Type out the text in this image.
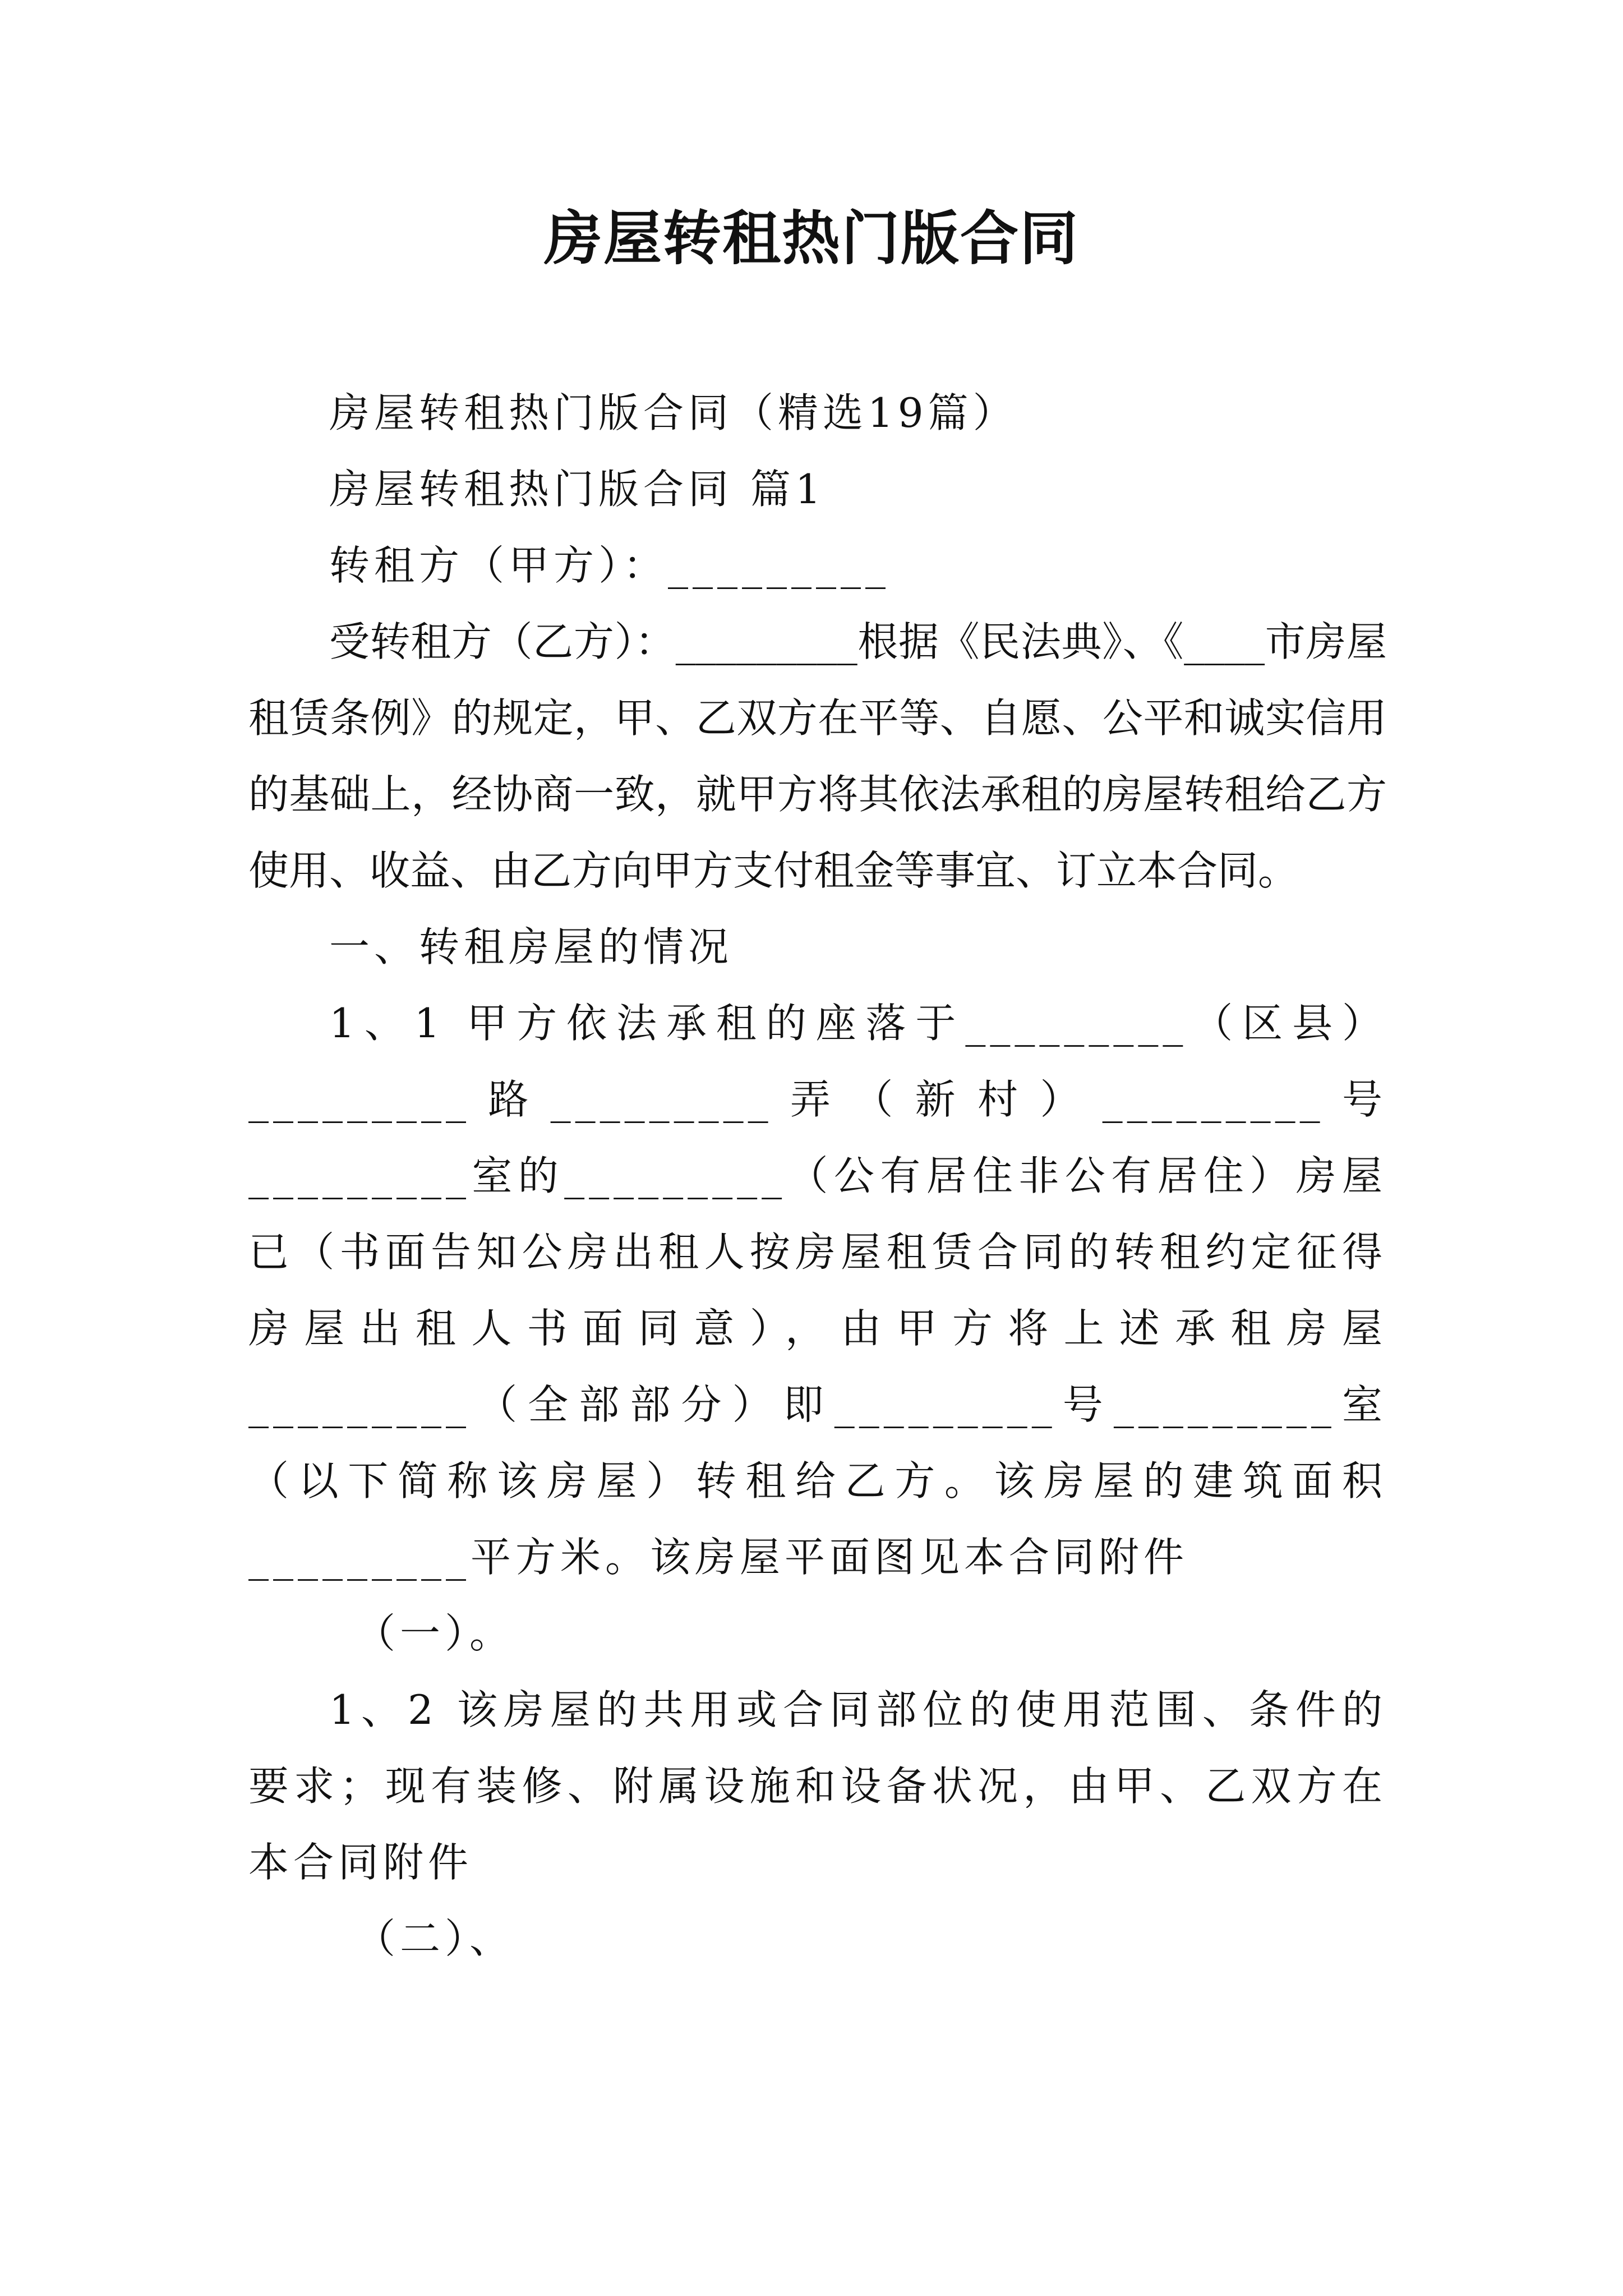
房屋转租热门版合同

房屋转租热门版合同（精选19篇）

房屋转租热门版合同 篇1

转租方（甲方）：_________

受转租方（乙方）：_________根据《民法典》、《____市房屋租赁条例》的规定，甲、乙双方在平等、自愿、公平和诚实信用的基础上，经协商一致，就甲方将其依法承租的房屋转租给乙方使用、收益、由乙方向甲方支付租金等事宜、订立本合同。

一、转租房屋的情况

1、1 甲方依法承租的座落于_________（区县）_________路_________弄（新村）_________号_________室的_________（公有居住非公有居住）房屋已（书面告知公房出租人按房屋租赁合同的转租约定征得房屋出租人书面同意），由甲方将上述承租房屋_________（全部部分）即_________号_________室（以下简称该房屋）转租给乙方。该房屋的建筑面积_________平方米。该房屋平面图见本合同附件

（一）。

1、2 该房屋的共用或合同部位的使用范围、条件的要求；现有装修、附属设施和设备状况，由甲、乙双方在本合同附件

（二）、
